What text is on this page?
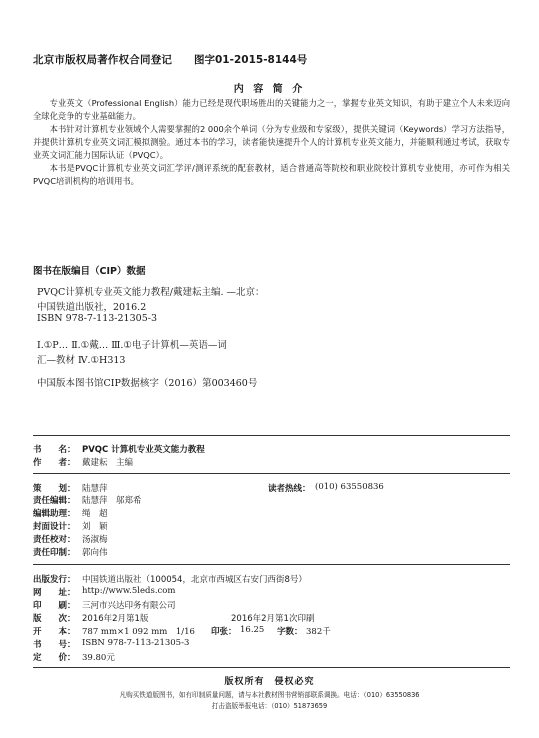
北京市版权局著作权合同登记 图字01-2015-8144号
内 容 简 介

专业英文（Professional English）能力已经是现代职场胜出的关键能力之一，掌握专业英文知识，有助于建立个人未来迈向全球化竞争的专业基础能力。

本书针对计算机专业领域个人需要掌握的2 000余个单词（分为专业级和专家级），提供关键词（Keywords）学习方法指导，并提供计算机专业英文词汇模拟测验。通过本书的学习，读者能快速提升个人的计算机专业英文能力，并能顺利通过考试，获取专业英文词汇能力国际认证（PVQC）。

本书是PVQC计算机专业英文词汇学评/测评系统的配套教材，适合普通高等院校和职业院校计算机专业使用，亦可作为相关PVQC培训机构的培训用书。

图书在版编目（CIP）数据
PVQC计算机专业英文能力教程/戴建耘主编. —北京：
中国铁道出版社，2016.2
ISBN 978-7-113-21305-3
Ⅰ.①P… Ⅱ.①戴… Ⅲ.①电子计算机—英语—词
汇—教材 Ⅳ.①H313
中国版本图书馆CIP数据核字（2016）第003460号
书　　名： PVQC 计算机专业英文能力教程
作　　者： 戴建耘　主编
策　　划： 陆慧萍	读者热线： (010) 63550836
责任编辑： 陆慧萍　邬郑希
编辑助理： 绳　超
封面设计： 刘　颖
责任校对： 汤淑梅
责任印制： 郭向伟
出版发行： 中国铁道出版社（100054，北京市西城区右安门西街8号）
网　　址： http://www.5leds.com
印　　刷： 三河市兴达印务有限公司
版　　次： 2016年2月第1版	2016年2月第1次印刷
开　　本： 787 mm×1 092 mm　1/16 印张： 16.25 字数： 382千
书　　号： ISBN 978-7-113-21305-3
定　　价： 39.80元
版权所有　侵权必究
凡购买铁道版图书，如有印制质量问题，请与本社教材图书营销部联系调换。电话：（010）63550836
打击盗版举报电话：（010）51873659
